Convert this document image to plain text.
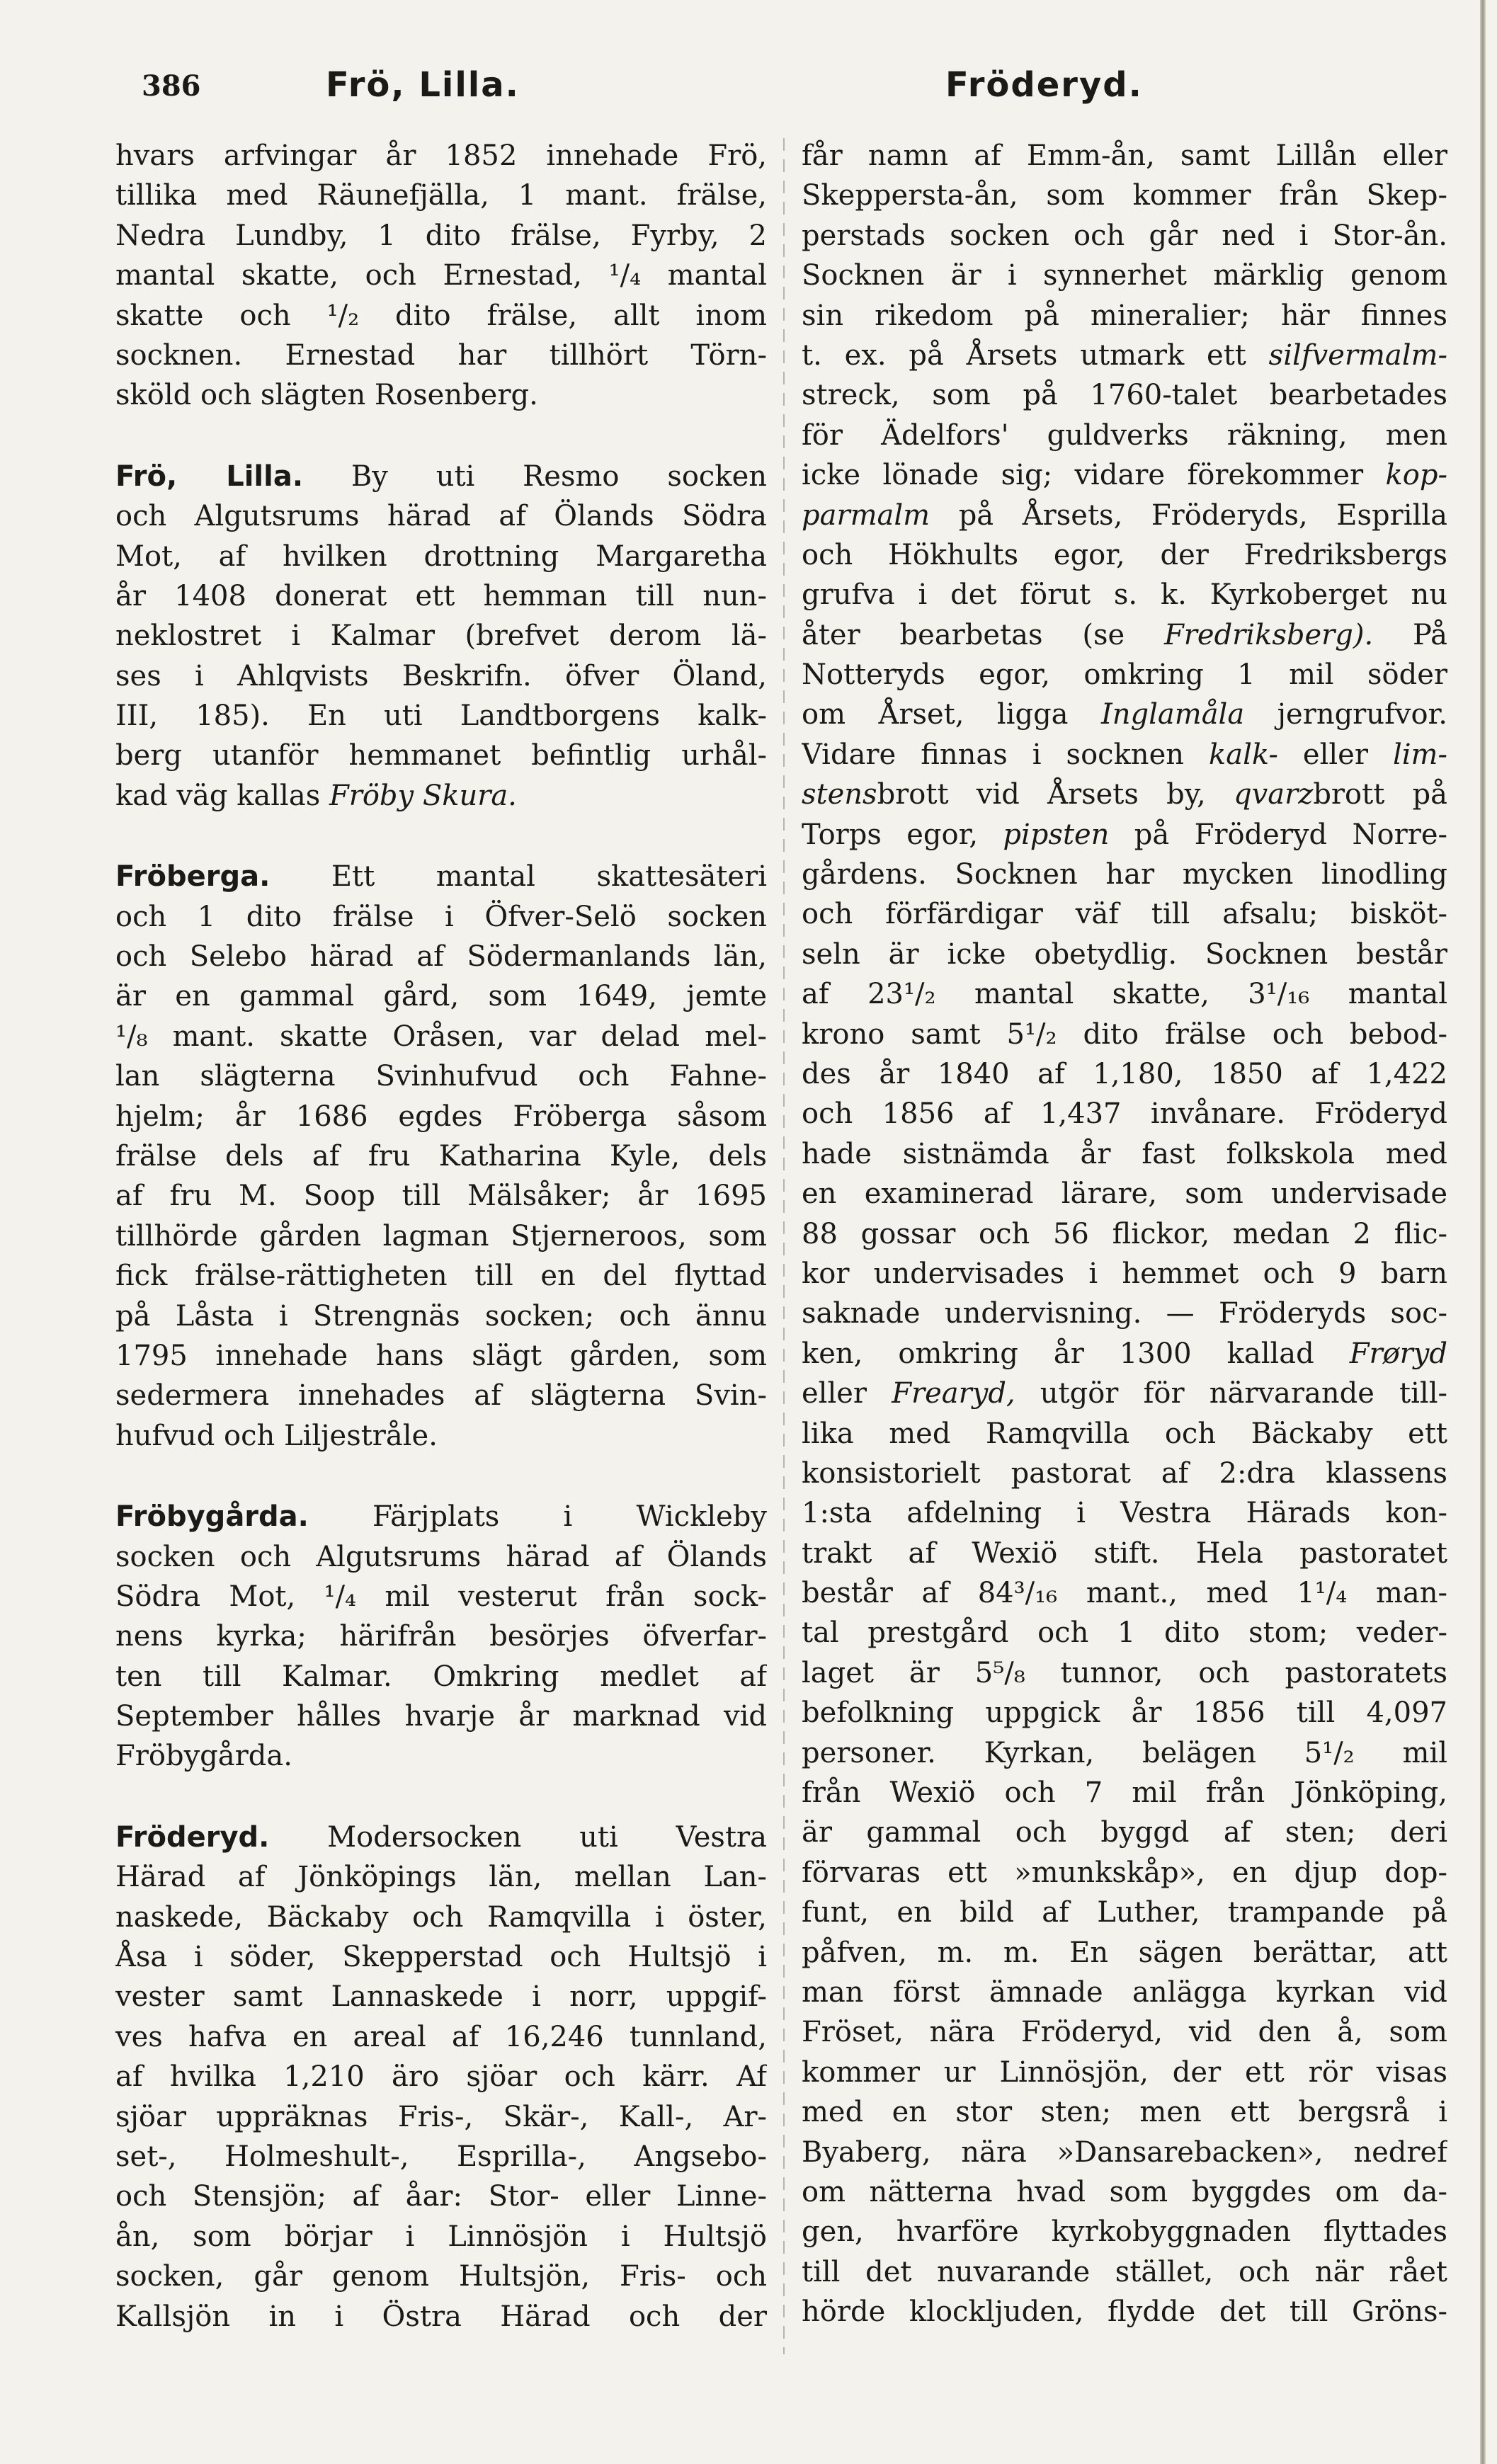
386	Frö, Lilla.	Fröderyd.
hvars arfvingar år 1852 innehade Frö,
tillika med Räunefjälla, 1 mant. frälse,
Nedra Lundby, 1 dito frälse, Fyrby, 2
mantal skatte, och Ernestad, ¹/₄ mantal
skatte och ¹/₂ dito frälse, allt inom
socknen. Ernestad har tillhört Törn-
sköld och slägten Rosenberg.
Frö, Lilla. By uti Resmo socken
och Algutsrums härad af Ölands Södra
Mot, af hvilken drottning Margaretha
år 1408 donerat ett hemman till nun-
neklostret i Kalmar (brefvet derom lä-
ses i Ahlqvists Beskrifn. öfver Öland,
III, 185). En uti Landtborgens kalk-
berg utanför hemmanet befintlig urhål-
kad väg kallas Fröby Skura.
Fröberga. Ett mantal skattesäteri
och 1 dito frälse i Öfver-Selö socken
och Selebo härad af Södermanlands län,
är en gammal gård, som 1649, jemte
¹/₈ mant. skatte Oråsen, var delad mel-
lan slägterna Svinhufvud och Fahne-
hjelm; år 1686 egdes Fröberga såsom
frälse dels af fru Katharina Kyle, dels
af fru M. Soop till Mälsåker; år 1695
tillhörde gården lagman Stjerneroos, som
fick frälse-rättigheten till en del flyttad
på Låsta i Strengnäs socken; och ännu
1795 innehade hans slägt gården, som
sedermera innehades af slägterna Svin-
hufvud och Liljestråle.
Fröbygårda. Färjplats i Wickleby
socken och Algutsrums härad af Ölands
Södra Mot, ¹/₄ mil vesterut från sock-
nens kyrka; härifrån besörjes öfverfar-
ten till Kalmar. Omkring medlet af
September hålles hvarje år marknad vid
Fröbygårda.
Fröderyd. Modersocken uti Vestra
Härad af Jönköpings län, mellan Lan-
naskede, Bäckaby och Ramqvilla i öster,
Åsa i söder, Skepperstad och Hultsjö i
vester samt Lannaskede i norr, uppgif-
ves hafva en areal af 16,246 tunnland,
af hvilka 1,210 äro sjöar och kärr. Af
sjöar uppräknas Fris-, Skär-, Kall-, Ar-
set-, Holmeshult-, Esprilla-, Angsebo-
och Stensjön; af åar: Stor- eller Linne-
ån, som börjar i Linnösjön i Hultsjö
socken, går genom Hultsjön, Fris- och
Kallsjön in i Östra Härad och der
får namn af Emm-ån, samt Lillån eller
Skeppersta-ån, som kommer från Skep-
perstads socken och går ned i Stor-ån.
Socknen är i synnerhet märklig genom
sin rikedom på mineralier; här finnes
t. ex. på Årsets utmark ett silfvermalm-
streck, som på 1760-talet bearbetades
för Ädelfors' guldverks räkning, men
icke lönade sig; vidare förekommer kop-
parmalm på Årsets, Fröderyds, Esprilla
och Hökhults egor, der Fredriksbergs
grufva i det förut s. k. Kyrkoberget nu
åter bearbetas (se Fredriksberg). På
Notteryds egor, omkring 1 mil söder
om Årset, ligga Inglamåla jerngrufvor.
Vidare finnas i socknen kalk- eller lim-
stensbrott vid Årsets by, qvarzbrott på
Torps egor, pipsten på Fröderyd Norre-
gårdens. Socknen har mycken linodling
och förfärdigar väf till afsalu; bisköt-
seln är icke obetydlig. Socknen består
af 23¹/₂ mantal skatte, 3¹/₁₆ mantal
krono samt 5¹/₂ dito frälse och bebod-
des år 1840 af 1,180, 1850 af 1,422
och 1856 af 1,437 invånare. Fröderyd
hade sistnämda år fast folkskola med
en examinerad lärare, som undervisade
88 gossar och 56 flickor, medan 2 flic-
kor undervisades i hemmet och 9 barn
saknade undervisning. — Fröderyds soc-
ken, omkring år 1300 kallad Frøryd
eller Frearyd, utgör för närvarande till-
lika med Ramqvilla och Bäckaby ett
konsistorielt pastorat af 2:dra klassens
1:sta afdelning i Vestra Härads kon-
trakt af Wexiö stift. Hela pastoratet
består af 84³/₁₆ mant., med 1¹/₄ man-
tal prestgård och 1 dito stom; veder-
laget är 5⁵/₈ tunnor, och pastoratets
befolkning uppgick år 1856 till 4,097
personer. Kyrkan, belägen 5¹/₂ mil
från Wexiö och 7 mil från Jönköping,
är gammal och byggd af sten; deri
förvaras ett »munkskåp», en djup dop-
funt, en bild af Luther, trampande på
påfven, m. m. En sägen berättar, att
man först ämnade anlägga kyrkan vid
Fröset, nära Fröderyd, vid den å, som
kommer ur Linnösjön, der ett rör visas
med en stor sten; men ett bergsrå i
Byaberg, nära »Dansarebacken», nedref
om nätterna hvad som byggdes om da-
gen, hvarföre kyrkobyggnaden flyttades
till det nuvarande stället, och när rået
hörde klockljuden, flydde det till Gröns-
